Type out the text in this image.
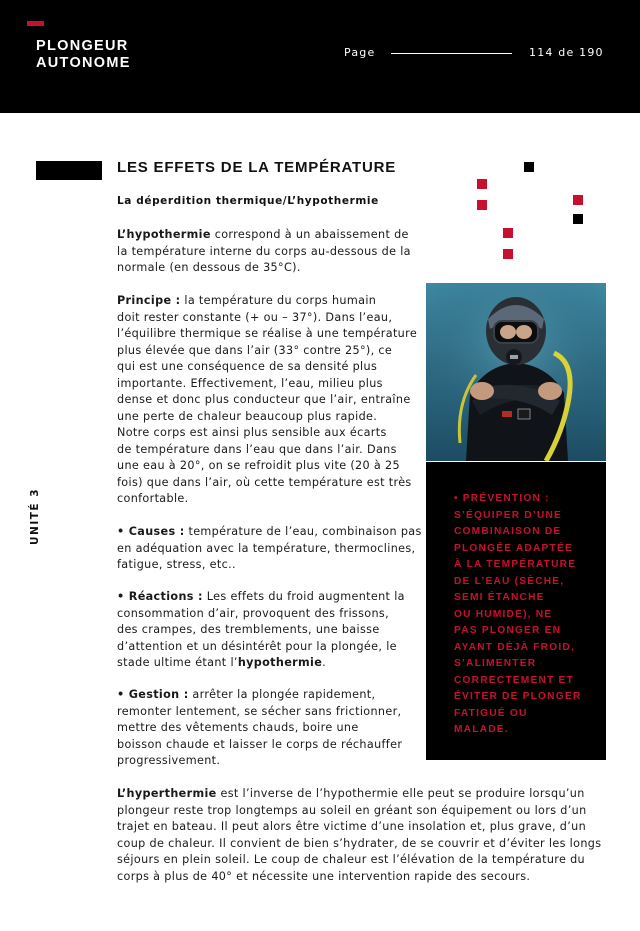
PLONGEUR
AUTONOME
Page	114 de 190
UNITÉ 3
LES EFFETS DE LA TEMPÉRATURE
La déperdition thermique/L’hypothermie
L’hypothermie correspond à un abaissement de
la température interne du corps au-dessous de la
normale (en dessous de 35°C).
Principe : la température du corps humain
doit rester constante (+ ou – 37°). Dans l’eau,
l’équilibre thermique se réalise à une température
plus élevée que dans l’air (33° contre 25°), ce
qui est une conséquence de sa densité plus
importante. Effectivement, l’eau, milieu plus
dense et donc plus conducteur que l’air, entraîne
une perte de chaleur beaucoup plus rapide.
Notre corps est ainsi plus sensible aux écarts
de température dans l’eau que dans l’air. Dans
une eau à 20°, on se refroidit plus vite (20 à 25
fois) que dans l’air, où cette température est très
confortable.
• Causes : température de l’eau, combinaison pas
en adéquation avec la température, thermoclines,
fatigue, stress, etc..
• Réactions : Les effets du froid augmentent la
consommation d’air, provoquent des frissons,
des crampes, des tremblements, une baisse
d’attention et un désintérêt pour la plongée, le
stade ultime étant l’hypothermie.
• Gestion : arrêter la plongée rapidement,
remonter lentement, se sécher sans frictionner,
mettre des vêtements chauds, boire une
boisson chaude et laisser le corps de réchauffer
progressivement.
• PRÉVENTION :
S’ÉQUIPER D’UNE
COMBINAISON DE
PLONGÉE ADAPTÉE
À LA TEMPÉRATURE
DE L’EAU (SÈCHE,
SEMI ÉTANCHE
OU HUMIDE), NE
PAS PLONGER EN
AYANT DÉJÀ FROID,
S’ALIMENTER
CORRECTEMENT ET
ÉVITER DE PLONGER
FATIGUÉ OU
MALADE.
L’hyperthermie est l’inverse de l’hypothermie elle peut se produire lorsqu’un
plongeur reste trop longtemps au soleil en gréant son équipement ou lors d’un
trajet en bateau. Il peut alors être victime d’une insolation et, plus grave, d’un
coup de chaleur. Il convient de bien s’hydrater, de se couvrir et d’éviter les longs
séjours en plein soleil. Le coup de chaleur est l’élévation de la température du
corps à plus de 40° et nécessite une intervention rapide des secours.
